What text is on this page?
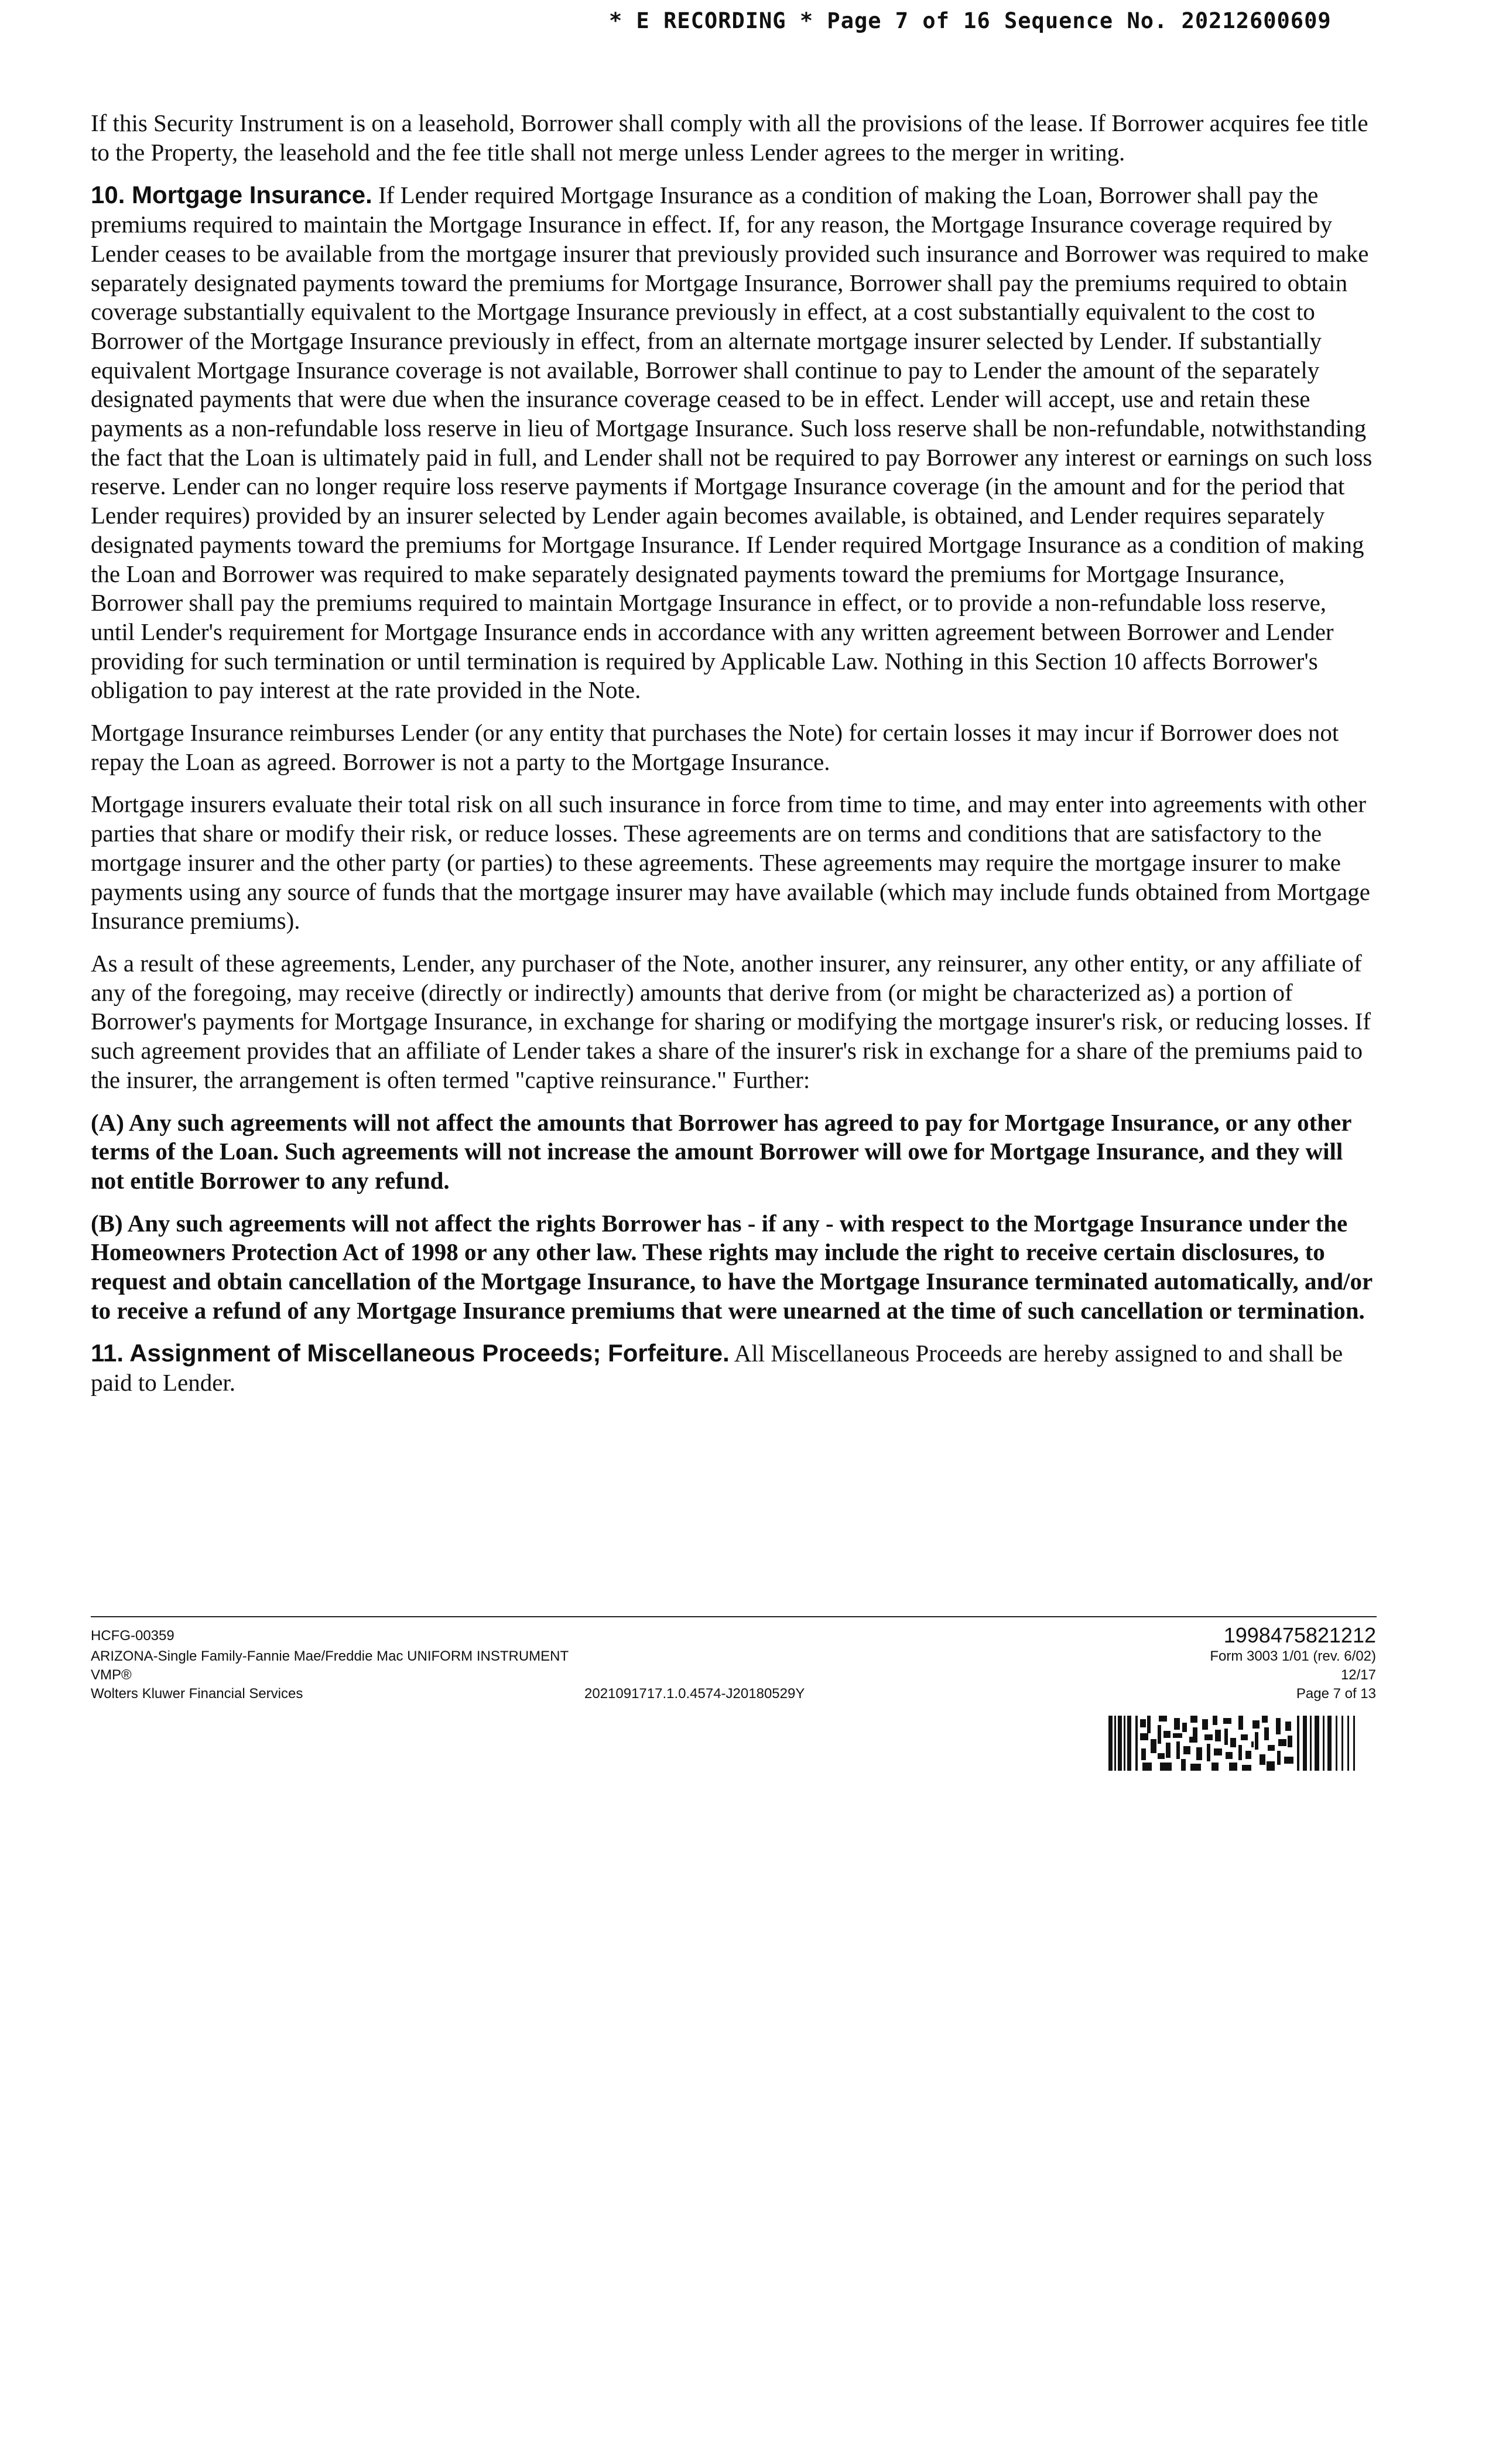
* E RECORDING * Page 7 of 16 Sequence No. 20212600609

If this Security Instrument is on a leasehold, Borrower shall comply with all the provisions of the lease. If Borrower acquires fee title to the Property, the leasehold and the fee title shall not merge unless Lender agrees to the merger in writing.

10. Mortgage Insurance. If Lender required Mortgage Insurance as a condition of making the Loan, Borrower shall pay the premiums required to maintain the Mortgage Insurance in effect. If, for any reason, the Mortgage Insurance coverage required by Lender ceases to be available from the mortgage insurer that previously provided such insurance and Borrower was required to make separately designated payments toward the premiums for Mortgage Insurance, Borrower shall pay the premiums required to obtain coverage substantially equivalent to the Mortgage Insurance previously in effect, at a cost substantially equivalent to the cost to Borrower of the Mortgage Insurance previously in effect, from an alternate mortgage insurer selected by Lender. If substantially equivalent Mortgage Insurance coverage is not available, Borrower shall continue to pay to Lender the amount of the separately designated payments that were due when the insurance coverage ceased to be in effect. Lender will accept, use and retain these payments as a non-refundable loss reserve in lieu of Mortgage Insurance. Such loss reserve shall be non-refundable, notwithstanding the fact that the Loan is ultimately paid in full, and Lender shall not be required to pay Borrower any interest or earnings on such loss reserve. Lender can no longer require loss reserve payments if Mortgage Insurance coverage (in the amount and for the period that Lender requires) provided by an insurer selected by Lender again becomes available, is obtained, and Lender requires separately designated payments toward the premiums for Mortgage Insurance. If Lender required Mortgage Insurance as a condition of making the Loan and Borrower was required to make separately designated payments toward the premiums for Mortgage Insurance, Borrower shall pay the premiums required to maintain Mortgage Insurance in effect, or to provide a non-refundable loss reserve, until Lender's requirement for Mortgage Insurance ends in accordance with any written agreement between Borrower and Lender providing for such termination or until termination is required by Applicable Law. Nothing in this Section 10 affects Borrower's obligation to pay interest at the rate provided in the Note.

Mortgage Insurance reimburses Lender (or any entity that purchases the Note) for certain losses it may incur if Borrower does not repay the Loan as agreed. Borrower is not a party to the Mortgage Insurance.

Mortgage insurers evaluate their total risk on all such insurance in force from time to time, and may enter into agreements with other parties that share or modify their risk, or reduce losses. These agreements are on terms and conditions that are satisfactory to the mortgage insurer and the other party (or parties) to these agreements. These agreements may require the mortgage insurer to make payments using any source of funds that the mortgage insurer may have available (which may include funds obtained from Mortgage Insurance premiums).

As a result of these agreements, Lender, any purchaser of the Note, another insurer, any reinsurer, any other entity, or any affiliate of any of the foregoing, may receive (directly or indirectly) amounts that derive from (or might be characterized as) a portion of Borrower's payments for Mortgage Insurance, in exchange for sharing or modifying the mortgage insurer's risk, or reducing losses. If such agreement provides that an affiliate of Lender takes a share of the insurer's risk in exchange for a share of the premiums paid to the insurer, the arrangement is often termed "captive reinsurance." Further:

(A) Any such agreements will not affect the amounts that Borrower has agreed to pay for Mortgage Insurance, or any other terms of the Loan. Such agreements will not increase the amount Borrower will owe for Mortgage Insurance, and they will not entitle Borrower to any refund.

(B) Any such agreements will not affect the rights Borrower has - if any - with respect to the Mortgage Insurance under the Homeowners Protection Act of 1998 or any other law. These rights may include the right to receive certain disclosures, to request and obtain cancellation of the Mortgage Insurance, to have the Mortgage Insurance terminated automatically, and/or to receive a refund of any Mortgage Insurance premiums that were unearned at the time of such cancellation or termination.

11. Assignment of Miscellaneous Proceeds; Forfeiture. All Miscellaneous Proceeds are hereby assigned to and shall be paid to Lender.

HCFG-00359
ARIZONA-Single Family-Fannie Mae/Freddie Mac UNIFORM INSTRUMENT
VMP®
Wolters Kluwer Financial Services	2021091717.1.0.4574-J20180529Y
1998475821212
Form 3003 1/01 (rev. 6/02)
12/17
Page 7 of 13
